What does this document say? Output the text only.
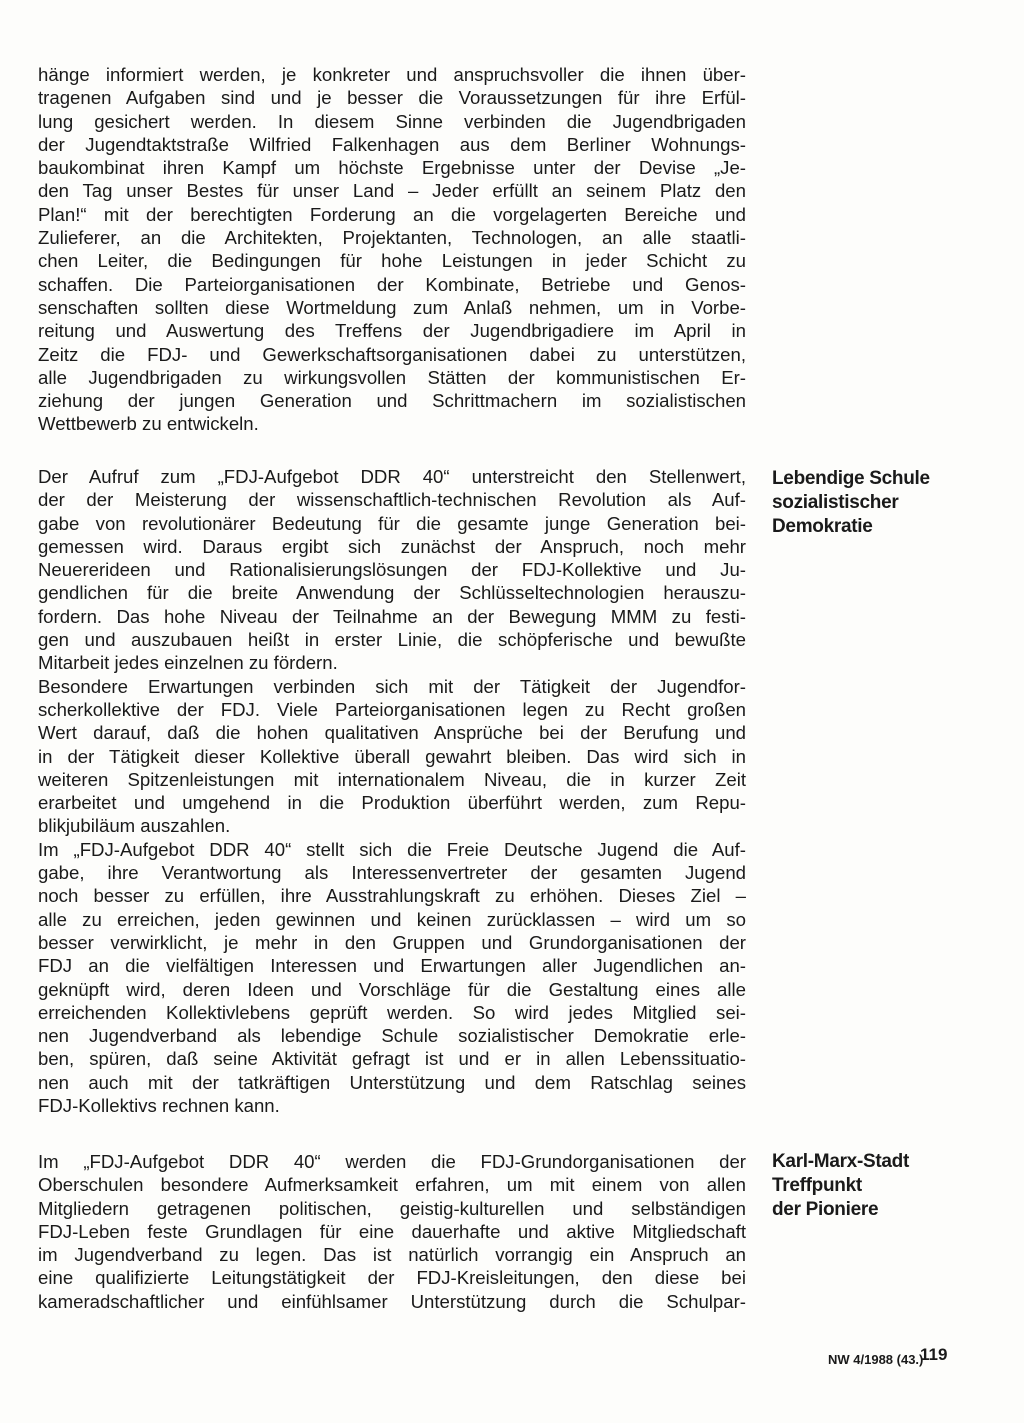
hänge informiert werden, je konkreter und anspruchsvoller die ihnen über-
tragenen Aufgaben sind und je besser die Voraussetzungen für ihre Erfül-
lung gesichert werden. In diesem Sinne verbinden die Jugendbrigaden
der Jugendtaktstraße Wilfried Falkenhagen aus dem Berliner Wohnungs-
baukombinat ihren Kampf um höchste Ergebnisse unter der Devise „Je-
den Tag unser Bestes für unser Land – Jeder erfüllt an seinem Platz den
Plan!“ mit der berechtigten Forderung an die vorgelagerten Bereiche und
Zulieferer, an die Architekten, Projektanten, Technologen, an alle staatli-
chen Leiter, die Bedingungen für hohe Leistungen in jeder Schicht zu
schaffen. Die Parteiorganisationen der Kombinate, Betriebe und Genos-
senschaften sollten diese Wortmeldung zum Anlaß nehmen, um in Vorbe-
reitung und Auswertung des Treffens der Jugendbrigadiere im April in
Zeitz die FDJ- und Gewerkschaftsorganisationen dabei zu unterstützen,
alle Jugendbrigaden zu wirkungsvollen Stätten der kommunistischen Er-
ziehung der jungen Generation und Schrittmachern im sozialistischen
Wettbewerb zu entwickeln.
Der Aufruf zum „FDJ-Aufgebot DDR 40“ unterstreicht den Stellenwert,
der der Meisterung der wissenschaftlich-technischen Revolution als Auf-
gabe von revolutionärer Bedeutung für die gesamte junge Generation bei-
gemessen wird. Daraus ergibt sich zunächst der Anspruch, noch mehr
Neuererideen und Rationalisierungslösungen der FDJ-Kollektive und Ju-
gendlichen für die breite Anwendung der Schlüsseltechnologien herauszu-
fordern. Das hohe Niveau der Teilnahme an der Bewegung MMM zu festi-
gen und auszubauen heißt in erster Linie, die schöpferische und bewußte
Mitarbeit jedes einzelnen zu fördern.
Besondere Erwartungen verbinden sich mit der Tätigkeit der Jugendfor-
scherkollektive der FDJ. Viele Parteiorganisationen legen zu Recht großen
Wert darauf, daß die hohen qualitativen Ansprüche bei der Berufung und
in der Tätigkeit dieser Kollektive überall gewahrt bleiben. Das wird sich in
weiteren Spitzenleistungen mit internationalem Niveau, die in kurzer Zeit
erarbeitet und umgehend in die Produktion überführt werden, zum Repu-
blikjubiläum auszahlen.
Im „FDJ-Aufgebot DDR 40“ stellt sich die Freie Deutsche Jugend die Auf-
gabe, ihre Verantwortung als Interessenvertreter der gesamten Jugend
noch besser zu erfüllen, ihre Ausstrahlungskraft zu erhöhen. Dieses Ziel –
alle zu erreichen, jeden gewinnen und keinen zurücklassen – wird um so
besser verwirklicht, je mehr in den Gruppen und Grundorganisationen der
FDJ an die vielfältigen Interessen und Erwartungen aller Jugendlichen an-
geknüpft wird, deren Ideen und Vorschläge für die Gestaltung eines alle
erreichenden Kollektivlebens geprüft werden. So wird jedes Mitglied sei-
nen Jugendverband als lebendige Schule sozialistischer Demokratie erle-
ben, spüren, daß seine Aktivität gefragt ist und er in allen Lebenssituatio-
nen auch mit der tatkräftigen Unterstützung und dem Ratschlag seines
FDJ-Kollektivs rechnen kann.
Im „FDJ-Aufgebot DDR 40“ werden die FDJ-Grundorganisationen der
Oberschulen besondere Aufmerksamkeit erfahren, um mit einem von allen
Mitgliedern getragenen politischen, geistig-kulturellen und selbständigen
FDJ-Leben feste Grundlagen für eine dauerhafte und aktive Mitgliedschaft
im Jugendverband zu legen. Das ist natürlich vorrangig ein Anspruch an
eine qualifizierte Leitungstätigkeit der FDJ-Kreisleitungen, den diese bei
kameradschaftlicher und einfühlsamer Unterstützung durch die Schulpar-
Lebendige Schule
sozialistischer
Demokratie
Karl-Marx-Stadt
Treffpunkt
der Pioniere
NW 4/1988 (43.)
119
